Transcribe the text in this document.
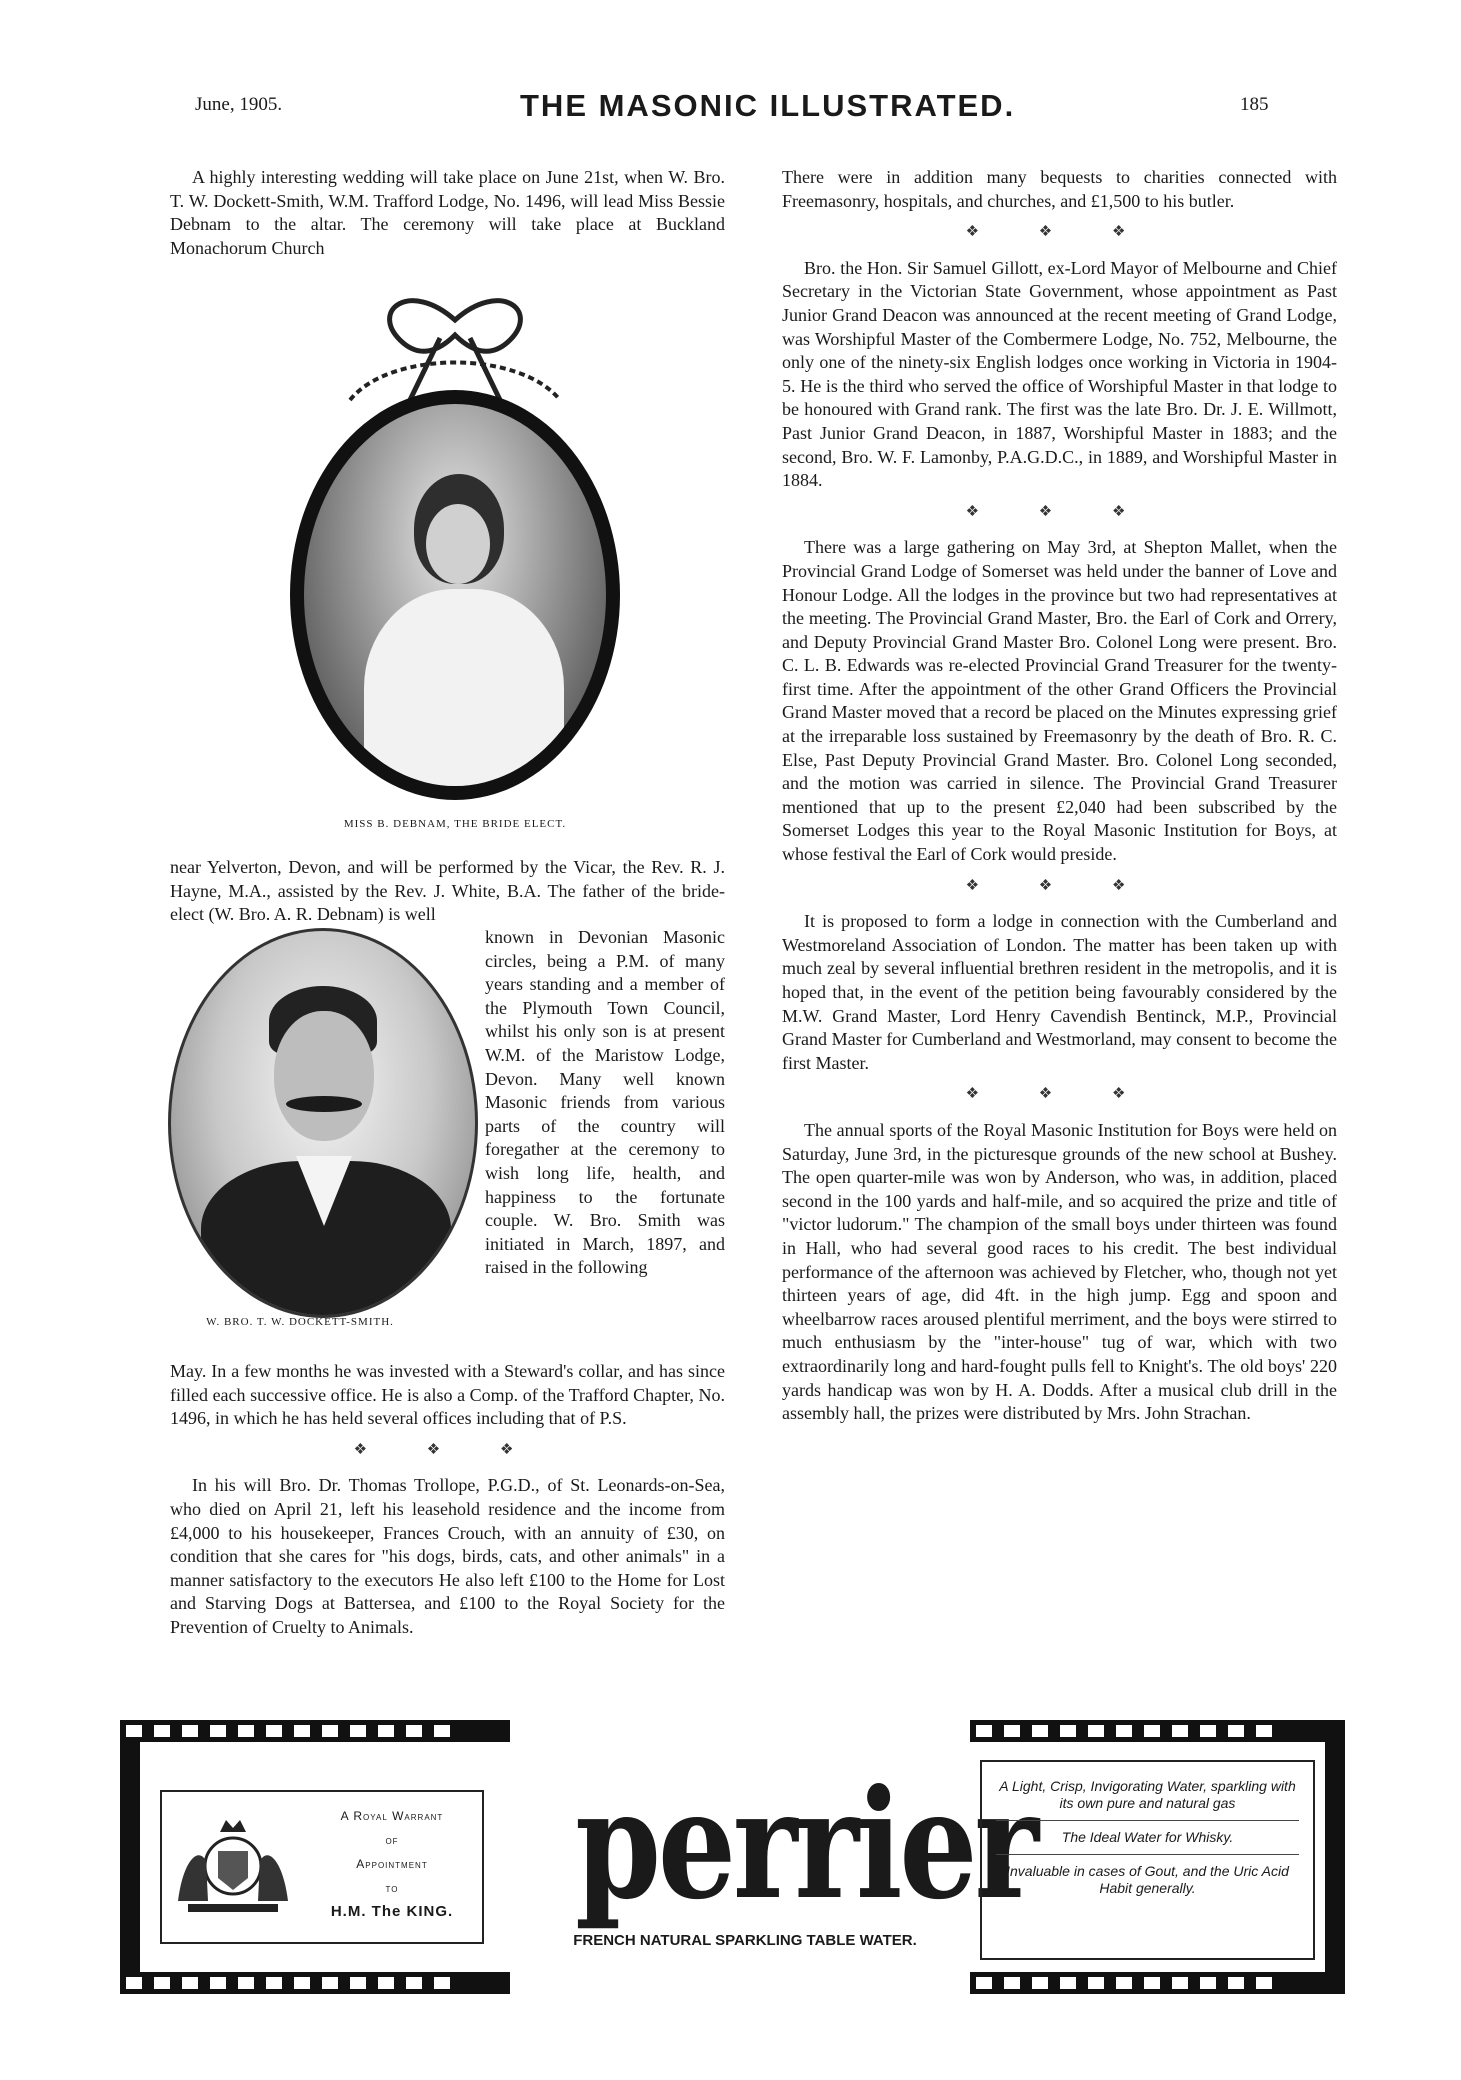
June, 1905.	THE MASONIC ILLUSTRATED.	185

A highly interesting wedding will take place on June 21st, when W. Bro. T. W. Dockett-Smith, W.M. Trafford Lodge, No. 1496, will lead Miss Bessie Debnam to the altar. The ceremony will take place at Buckland Monachorum Church

MISS B. DEBNAM, THE BRIDE ELECT.

near Yelverton, Devon, and will be performed by the Vicar, the Rev. R. J. Hayne, M.A., assisted by the Rev. J. White, B.A. The father of the bride-elect (W. Bro. A. R. Debnam) is well

W. BRO. T. W. DOCKETT-SMITH.

known in Devonian Masonic circles, being a P.M. of many years standing and a member of the Plymouth Town Council, whilst his only son is at present W.M. of the Maristow Lodge, Devon. Many well known Masonic friends from various parts of the country will foregather at the ceremony to wish long life, health, and happiness to the fortunate couple. W. Bro. Smith was initiated in March, 1897, and raised in the following

May. In a few months he was invested with a Steward's collar, and has since filled each successive office. He is also a Comp. of the Trafford Chapter, No. 1496, in which he has held several offices including that of P.S.

❖ ❖ ❖

In his will Bro. Dr. Thomas Trollope, P.G.D., of St. Leonards-on-Sea, who died on April 21, left his leasehold residence and the income from £4,000 to his housekeeper, Frances Crouch, with an annuity of £30, on condition that she cares for "his dogs, birds, cats, and other animals" in a manner satisfactory to the executors He also left £100 to the Home for Lost and Starving Dogs at Battersea, and £100 to the Royal Society for the Prevention of Cruelty to Animals.

There were in addition many bequests to charities connected with Freemasonry, hospitals, and churches, and £1,500 to his butler.

❖ ❖ ❖

Bro. the Hon. Sir Samuel Gillott, ex-Lord Mayor of Melbourne and Chief Secretary in the Victorian State Government, whose appointment as Past Junior Grand Deacon was announced at the recent meeting of Grand Lodge, was Worshipful Master of the Combermere Lodge, No. 752, Melbourne, the only one of the ninety-six English lodges once working in Victoria in 1904-5. He is the third who served the office of Worshipful Master in that lodge to be honoured with Grand rank. The first was the late Bro. Dr. J. E. Willmott, Past Junior Grand Deacon, in 1887, Worshipful Master in 1883; and the second, Bro. W. F. Lamonby, P.A.G.D.C., in 1889, and Worshipful Master in 1884.

❖ ❖ ❖

There was a large gathering on May 3rd, at Shepton Mallet, when the Provincial Grand Lodge of Somerset was held under the banner of Love and Honour Lodge. All the lodges in the province but two had representatives at the meeting. The Provincial Grand Master, Bro. the Earl of Cork and Orrery, and Deputy Provincial Grand Master Bro. Colonel Long were present. Bro. C. L. B. Edwards was re-elected Provincial Grand Treasurer for the twenty-first time. After the appointment of the other Grand Officers the Provincial Grand Master moved that a record be placed on the Minutes expressing grief at the irreparable loss sustained by Freemasonry by the death of Bro. R. C. Else, Past Deputy Provincial Grand Master. Bro. Colonel Long seconded, and the motion was carried in silence. The Provincial Grand Treasurer mentioned that up to the present £2,040 had been subscribed by the Somerset Lodges this year to the Royal Masonic Institution for Boys, at whose festival the Earl of Cork would preside.

❖ ❖ ❖

It is proposed to form a lodge in connection with the Cumberland and Westmoreland Association of London. The matter has been taken up with much zeal by several influential brethren resident in the metropolis, and it is hoped that, in the event of the petition being favourably considered by the M.W. Grand Master, Lord Henry Cavendish Bentinck, M.P., Provincial Grand Master for Cumberland and Westmorland, may consent to become the first Master.

❖ ❖ ❖

The annual sports of the Royal Masonic Institution for Boys were held on Saturday, June 3rd, in the picturesque grounds of the new school at Bushey. The open quarter-mile was won by Anderson, who was, in addition, placed second in the 100 yards and half-mile, and so acquired the prize and title of "victor ludorum." The champion of the small boys under thirteen was found in Hall, who had several good races to his credit. The best individual performance of the afternoon was achieved by Fletcher, who, though not yet thirteen years of age, did 4ft. in the high jump. Egg and spoon and wheelbarrow races aroused plentiful merriment, and the boys were stirred to much enthusiasm by the "inter-house" tug of war, which with two extraordinarily long and hard-fought pulls fell to Knight's. The old boys' 220 yards handicap was won by H. A. Dodds. After a musical club drill in the assembly hall, the prizes were distributed by Mrs. John Strachan.

A Royal Warrant
of
Appointment
to
H.M. The KING. perrier
FRENCH NATURAL SPARKLING TABLE WATER.
A Light, Crisp, Invigorating Water, sparkling with its own pure and natural gas
The Ideal Water for Whisky.
Invaluable in cases of Gout, and the Uric Acid Habit generally.
